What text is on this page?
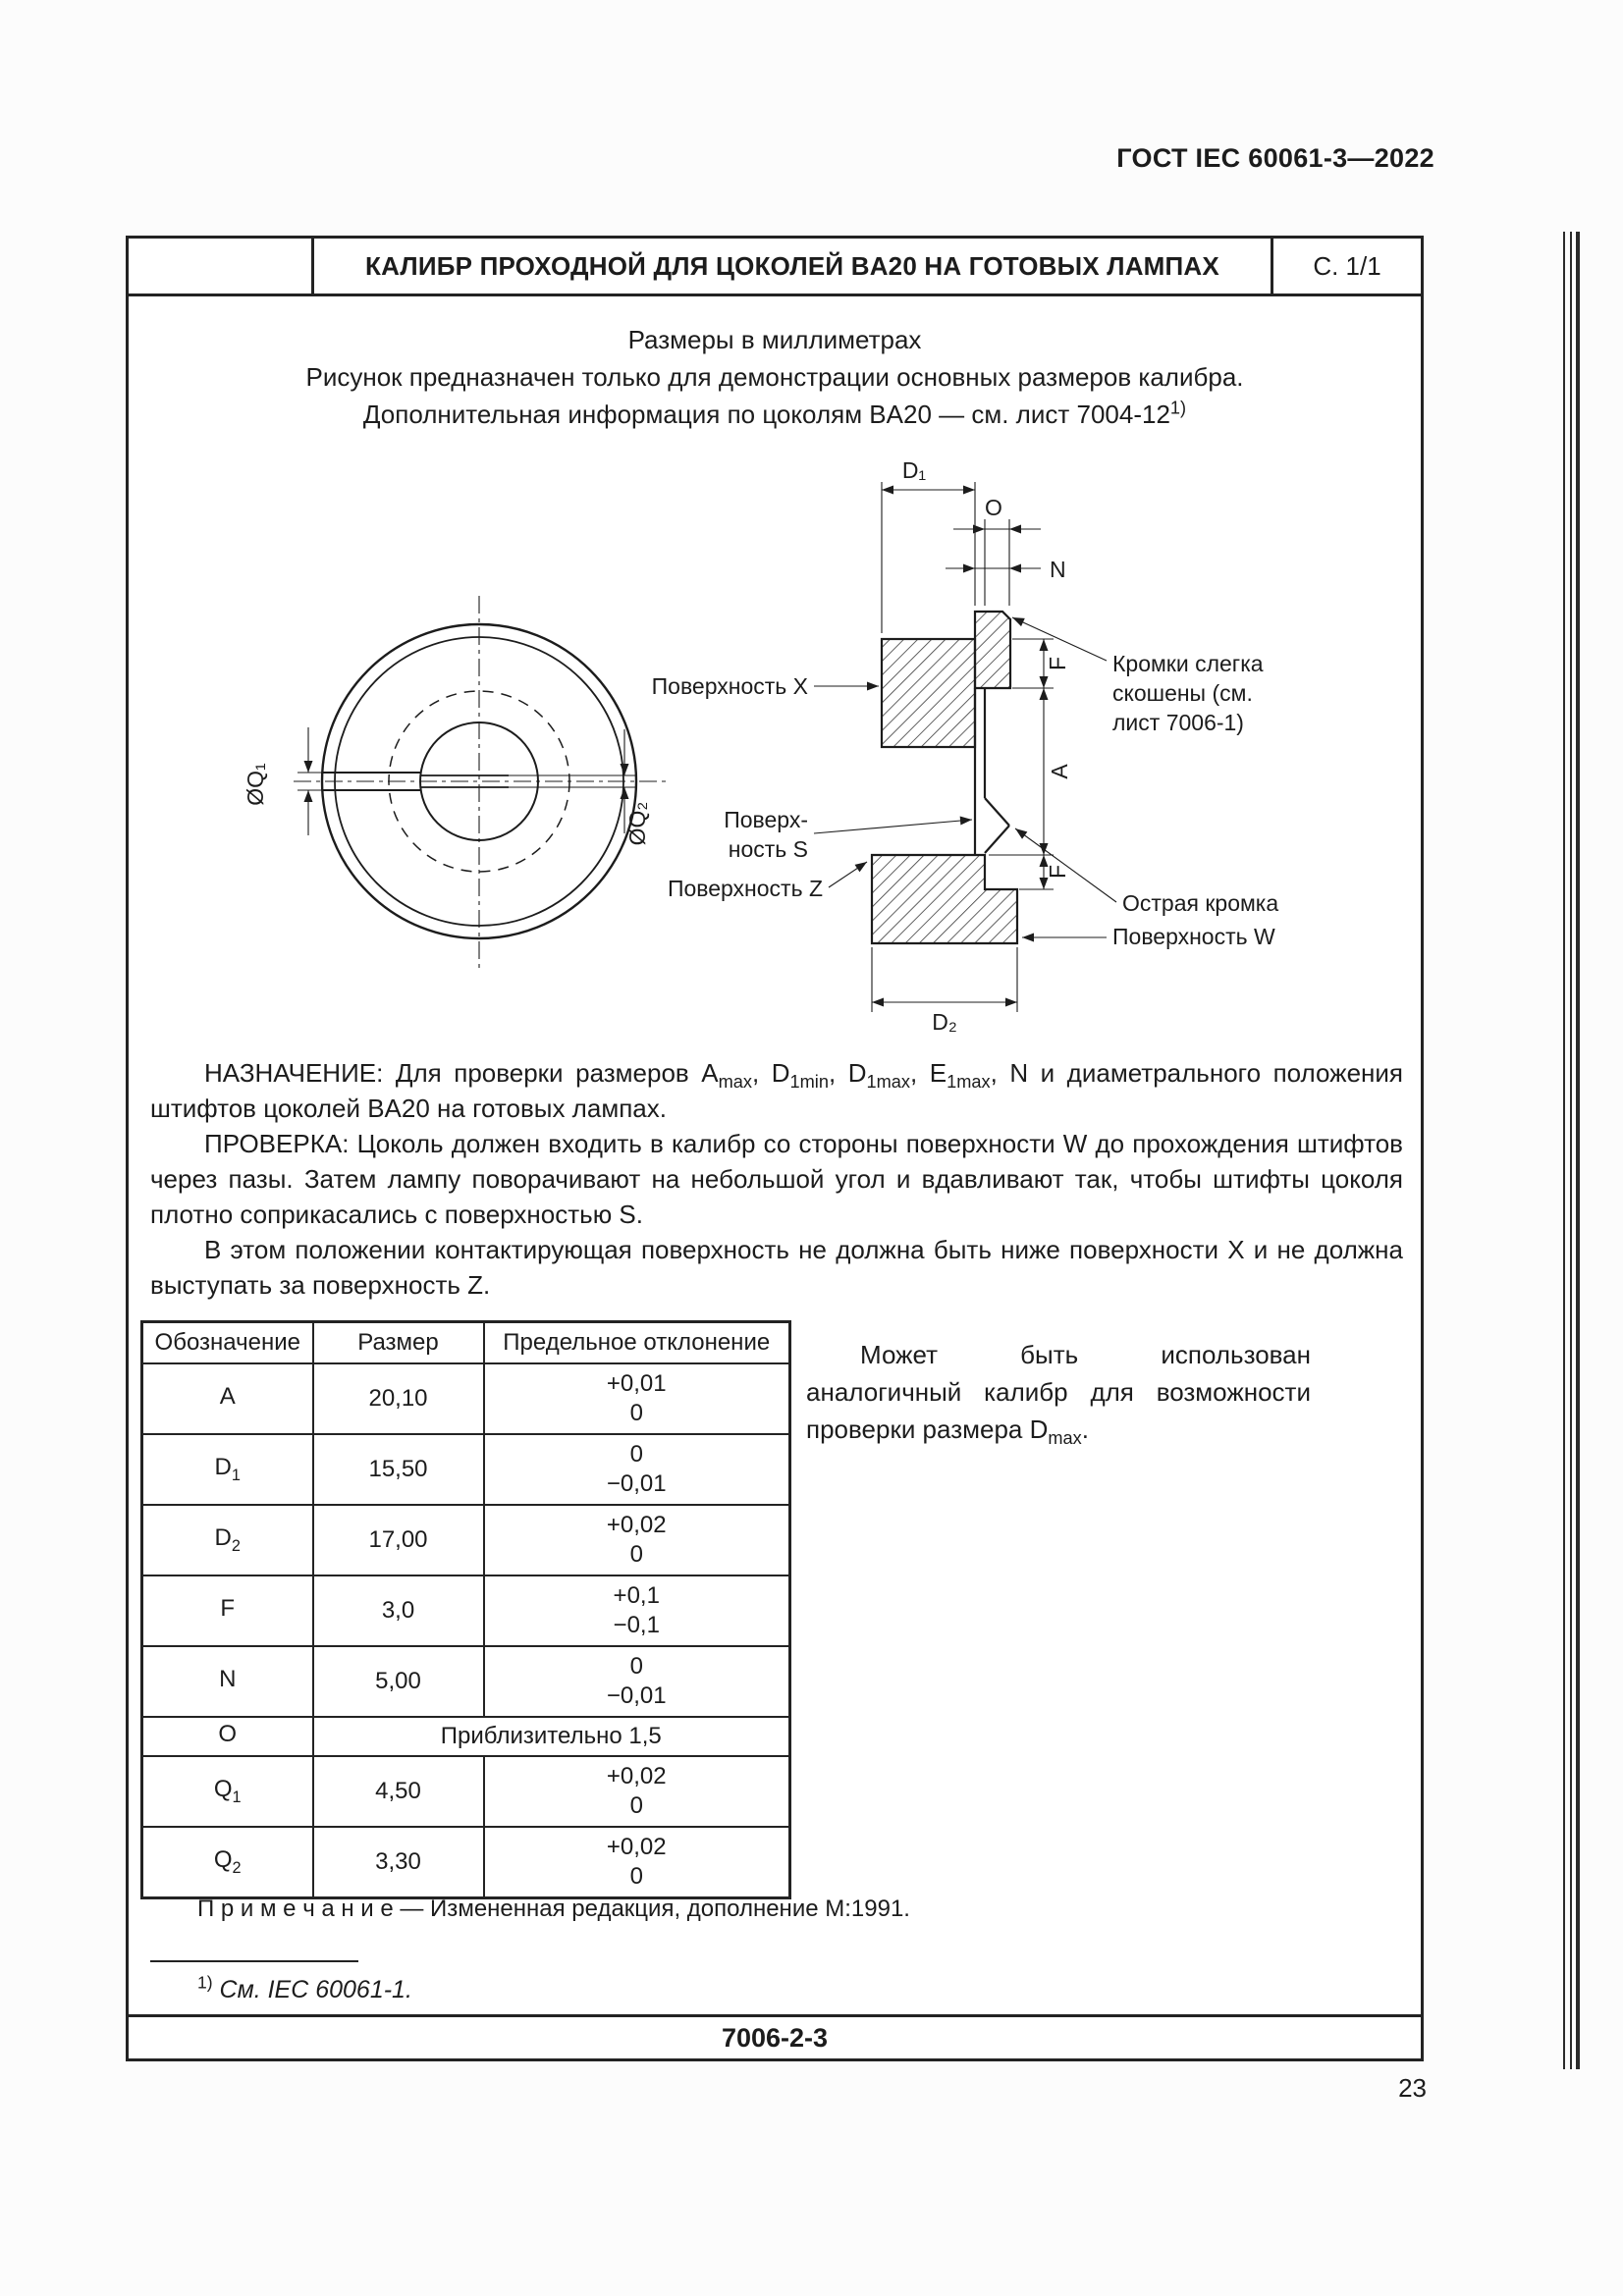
ГОСТ IEC 60061-3—2022
КАЛИБР ПРОХОДНОЙ ДЛЯ ЦОКОЛЕЙ BA20 НА ГОТОВЫХ ЛАМПАХ	С. 1/1
Размеры в миллиметрах
Рисунок предназначен только для демонстрации основных размеров калибра.
Дополнительная информация по цоколям BA20 — см. лист 7004-12$^{1)}$
ØQ₁
ØQ₂
D₁
O
N
F
A
F
D₂
Поверхность X
Поверх-
ность S
Поверхность Z
Кромки слегка
скошены (см.
лист 7006-1)
Острая кромка
Поверхность W

НАЗНАЧЕНИЕ: Для проверки размеров $A_{max}$, $D_{1min}$, $D_{1max}$, $E_{1max}$, N и диаметрального положения штифтов цоколей BA20 на готовых лампах.

ПРОВЕРКА: Цоколь должен входить в калибр со стороны поверхности W до прохождения штифтов через пазы. Затем лампу поворачивают на небольшой угол и вдавливают так, чтобы штифты цоколя плотно соприкасались с поверхностью S.

В этом положении контактирующая поверхность не должна быть ниже поверхности X и не должна выступать за поверхность Z.

Обозначение	Размер	Предельное отклонение
A	20,10	+0,01
0

$D_1$	15,50	0
−0,01

$D_2$	17,00	+0,02
0

F	3,0	+0,1
−0,1

N	5,00	0
−0,01

O	Приблизительно 1,5	
$Q_1$	4,50	+0,02
0

$Q_2$	3,30	+0,02
0
Может быть использован аналогичный калибр для возможности проверки размера $D_{max}$.
П р и м е ч а н и е — Измененная редакция, дополнение M:1991.
$^{1)}$ См. IEC 60061-1.
7006-2-3
23
